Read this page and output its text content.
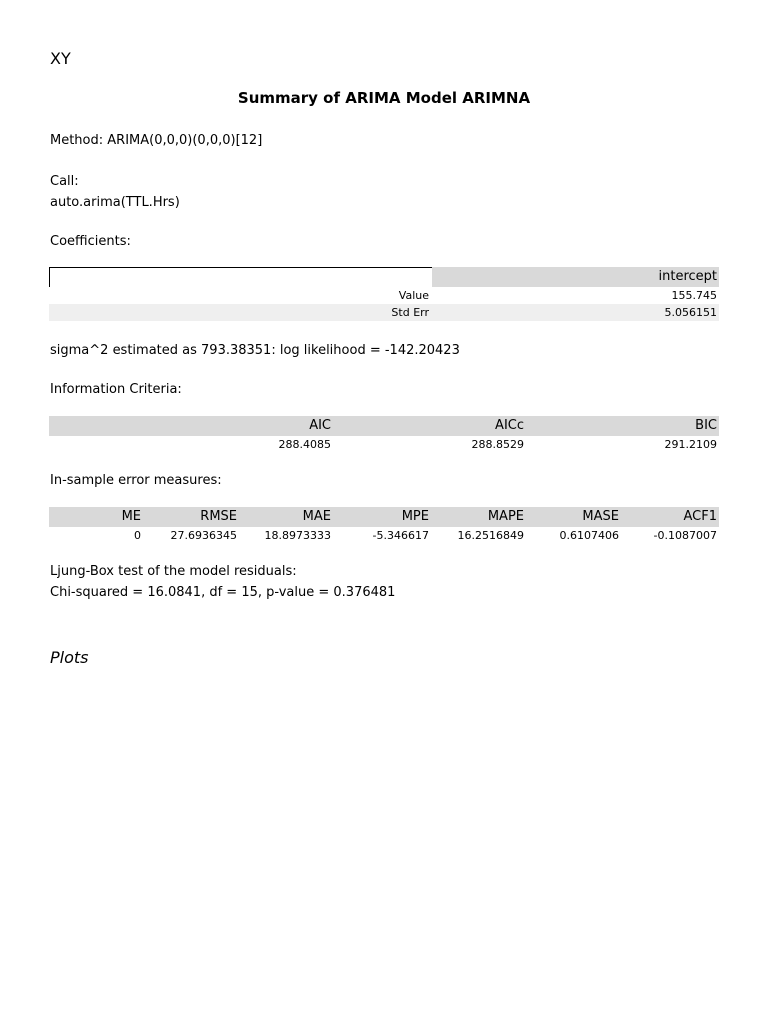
XY
Summary of ARIMA Model ARIMNA
Method: ARIMA(0,0,0)(0,0,0)[12]
Call:
auto.arima(TTL.Hrs)
Coefficients:
intercept
Value	155.745
Std Err	5.056151
sigma^2 estimated as 793.38351: log likelihood = -142.20423
Information Criteria:
AIC	AICc	BIC
288.4085	288.8529	291.2109
In-sample error measures:
ME	RMSE	MAE	MPE	MAPE	MASE	ACF1
0	27.6936345	18.8973333	-5.346617	16.2516849	0.6107406	-0.1087007
Ljung-Box test of the model residuals:
Chi-squared = 16.0841, df = 15, p-value = 0.376481
Plots
